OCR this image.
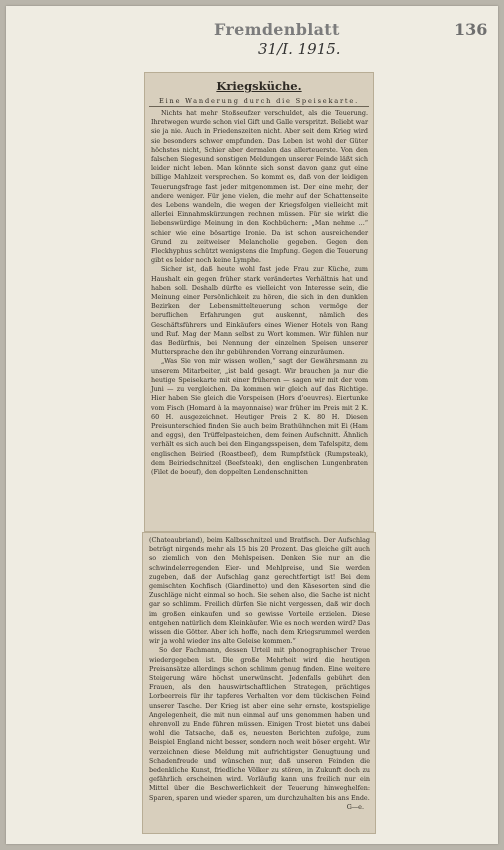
Fremdenblatt	136
31/I. 1915.
Kriegsküche.
Eine Wanderung durch die Speisekarte.

Nichts hat mehr Stoßseufzer verschuldet, als die Teuerung. Ihretwegen wurde schon viel Gift und Galle verspritzt. Beliebt war sie ja nie. Auch in Friedenszeiten nicht. Aber seit dem Krieg wird sie besonders schwer empfunden. Das Leben ist wohl der Güter höchstes nicht, Schier aber dermalen das allerteuerste. Von den falschen Siegesund sonstigen Meldungen unserer Feinde läßt sich leider nicht leben. Man könnte sich sonst davon ganz gut eine billige Mahlzeit versprechen. So kommt es, daß von der leidigen Teuerungsfrage fast jeder mitgenommen ist. Der eine mehr, der andere weniger. Für jene vielen, die mehr auf der Schattenseite des Lebens wandeln, die wegen der Kriegsfolgen vielleicht mit allerlei Einnahmskürzungen rechnen müssen. Für sie wirkt die liebenswürdige Meinung in den Kochbüchern: „Man nehme ...“ schier wie eine bösartige Ironie. Da ist schon ausreichender Grund zu zeitweiser Melancholie gegeben. Gegen den Fleckhyphus schützt wenigstens die Impfung. Gegen die Teuerung gibt es leider noch keine Lymphe.

Sicher ist, daß heute wohl fast jede Frau zur Küche, zum Haushalt ein gegen früher stark verändertes Verhältnis hat und haben soll. Deshalb dürfte es vielleicht von Interesse sein, die Meinung einer Persönlichkeit zu hören, die sich in den dunklen Bezirken der Lebensmittelteuerung schon vermöge der beruflichen Erfahrungen gut auskennt, nämlich des Geschäftsführers und Einkäufers eines Wiener Hotels von Rang und Ruf. Mag der Mann selbst zu Wort kommen. Wir fühlen nur das Bedürfnis, bei Nennung der einzelnen Speisen unserer Muttersprache den ihr gebührenden Vorrang einzuräumen.

„Was Sie von mir wissen wollen,“ sagt der Gewährsmann zu unserem Mitarbeiter, „ist bald gesagt. Wir brauchen ja nur die heutige Speisekarte mit einer früheren — sagen wir mit der vom Juni — zu vergleichen. Da kommen wir gleich auf das Richtige. Hier haben Sie gleich die Vorspeisen (Hors d'oeuvres). Eiertunke vom Fisch (Homard à la mayonnaise) war früher im Preis mit 2 K. 60 H. ausgezeichnet. Heutiger Preis 2 K. 80 H. Diesen Preisunterschied finden Sie auch beim Brathühnchen mit Ei (Ham and eggs), den Trüffelpasteichen, dem feinen Aufschnitt. Ähnlich verhält es sich auch bei den Eingangsspeisen, dem Tafelspitz, dem englischen Beiried (Roastbeef), dem Rumpfstück (Rumpsteak), dem Beiriedschnitzel (Beefsteak), den englischen Lungenbraten (Filet de boeuf), den doppelten Lendenschnitten

(Chateaubriand), beim Kalbsschnitzel und Bratfisch. Der Aufschlag beträgt nirgends mehr als 15 bis 20 Prozent. Das gleiche gilt auch so ziemlich von den Mehlspeisen. Denken Sie nur an die schwindelerregenden Eier- und Mehlpreise, und Sie werden zugeben, daß der Aufschlag ganz gerechtfertigt ist! Bei dem gemischten Kochfisch (Giardinetto) und den Käsesorten sind die Zuschläge nicht einmal so hoch. Sie sehen also, die Sache ist nicht gar so schlimm. Freilich dürfen Sie nicht vergessen, daß wir doch im großen einkaufen und so gewisse Vorteile erzielen. Diese entgehen natürlich dem Kleinkäufer. Wie es noch werden wird? Das wissen die Götter. Aber ich hoffe, nach dem Kriegsrummel werden wir ja wohl wieder ins alte Geleise kommen.“

So der Fachmann, dessen Urteil mit phonographischer Treue wiedergegeben ist. Die große Mehrheit wird die heutigen Preisansätze allerdings schon schlimm genug finden. Eine weitere Steigerung wäre höchst unerwünscht. Jedenfalls gebührt den Frauen, als den hauswirtschaftlichen Strategen, prächtiges Lorbeerreis für ihr tapferes Verhalten vor dem tückischen Feind unserer Tasche. Der Krieg ist aber eine sehr ernste, kostspielige Angelegenheit, die mit nun einmal auf uns genommen haben und ehrenvoll zu Ende führen müssen. Einigen Trost bietet uns dabei wohl die Tatsache, daß es, neuesten Berichten zufolge, zum Beispiel England nicht besser, sondern noch weit böser ergeht. Wir verzeichnen diese Meldung mit aufrichtigster Genugtuung und Schadenfreude und wünschen nur, daß unseren Feinden die bedenkliche Kunst, friedliche Völker zu stören, in Zukunft doch zu gefährlich erscheinen wird. Vorläufig kann uns freilich nur ein Mittel über die Beschwerlichkeit der Teuerung hinweghelfen: Sparen, sparen und wieder sparen, um durchzuhalten bis ans Ende.

G—e.
